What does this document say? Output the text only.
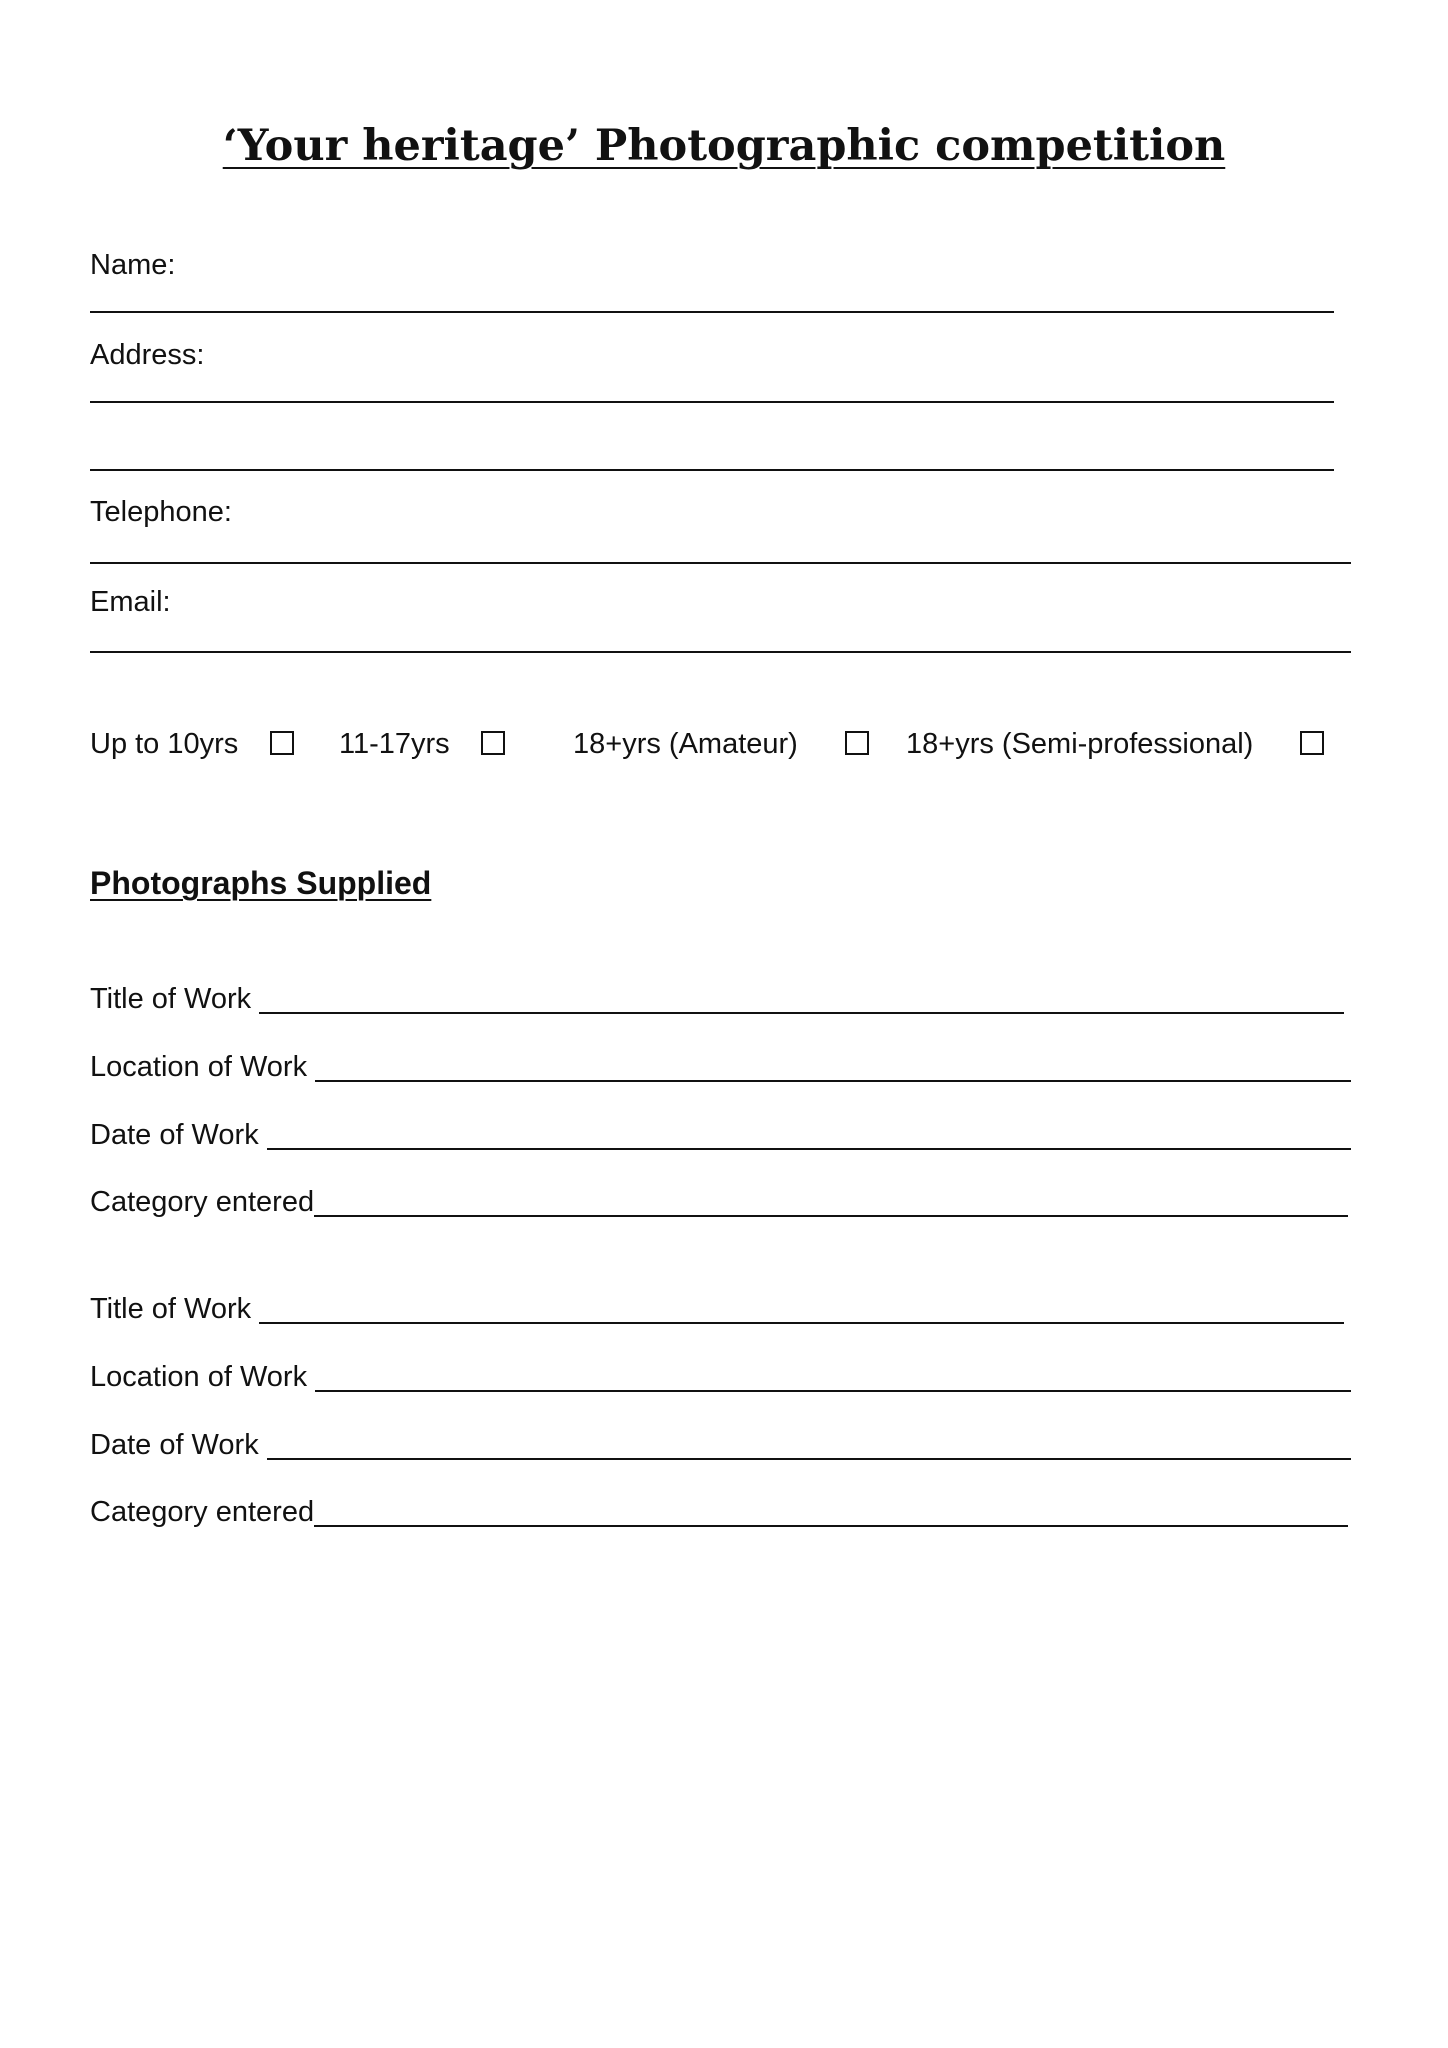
‘Your heritage’ Photographic competition
Name:
Address:
Telephone:
Email:
Up to 10yrs	11-17yrs	18+yrs (Amateur)	18+yrs (Semi-professional)
Photographs Supplied
Title of Work
Location of Work
Date of Work
Category entered
Title of Work
Location of Work
Date of Work
Category entered
